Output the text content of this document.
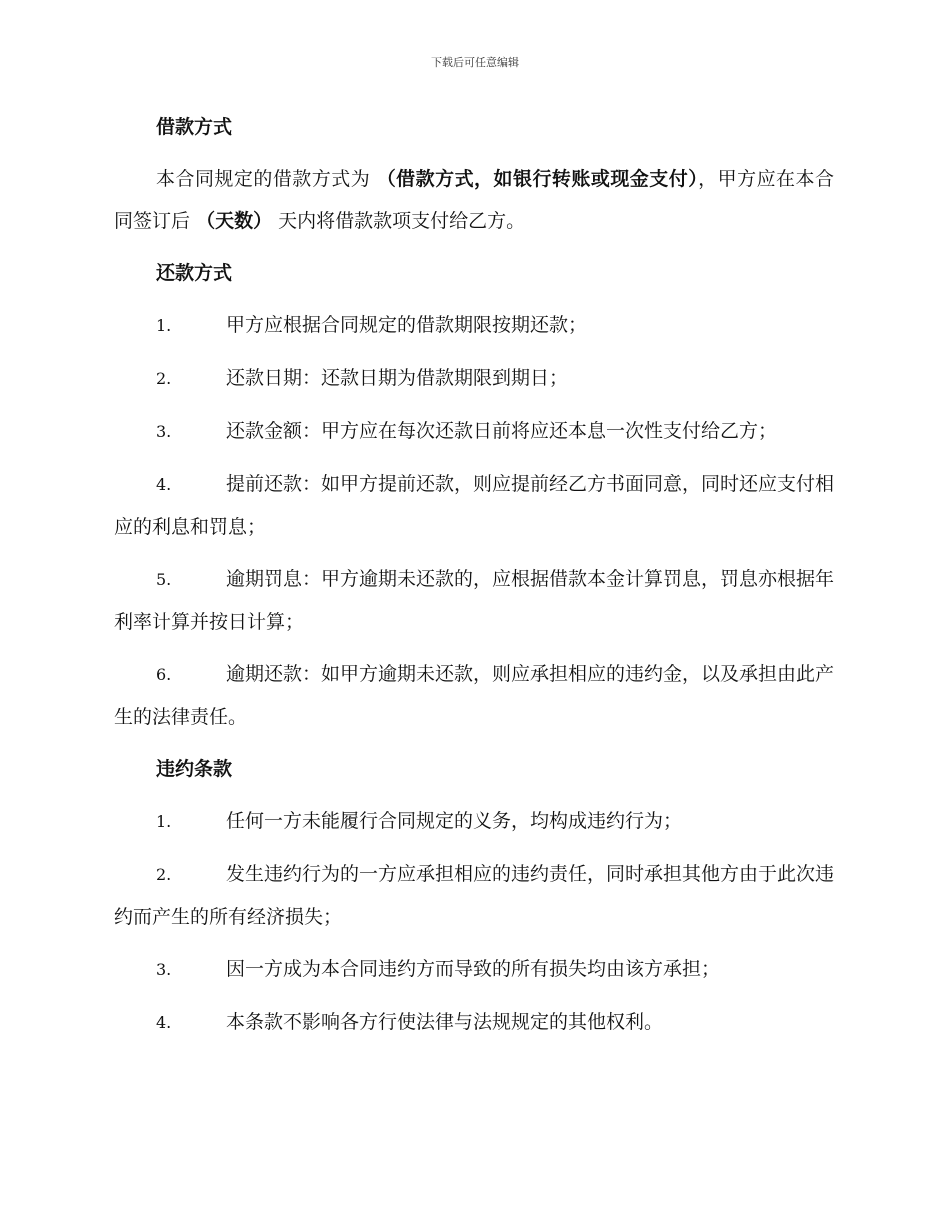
下载后可任意编辑

借款方式

本合同规定的借款方式为 （借款方式，如银行转账或现金支付），甲方应在本合同签订后 （天数） 天内将借款款项支付给乙方。

还款方式

1.	甲方应根据合同规定的借款期限按期还款；

2.	还款日期：还款日期为借款期限到期日；

3.	还款金额：甲方应在每次还款日前将应还本息一次性支付给乙方；

4.	提前还款：如甲方提前还款，则应提前经乙方书面同意，同时还应支付相应的利息和罚息；

5.	逾期罚息：甲方逾期未还款的，应根据借款本金计算罚息，罚息亦根据年利率计算并按日计算；

6.	逾期还款：如甲方逾期未还款，则应承担相应的违约金，以及承担由此产生的法律责任。

违约条款

1.	任何一方未能履行合同规定的义务，均构成违约行为；

2.	发生违约行为的一方应承担相应的违约责任，同时承担其他方由于此次违约而产生的所有经济损失；

3.	因一方成为本合同违约方而导致的所有损失均由该方承担；

4.	本条款不影响各方行使法律与法规规定的其他权利。
